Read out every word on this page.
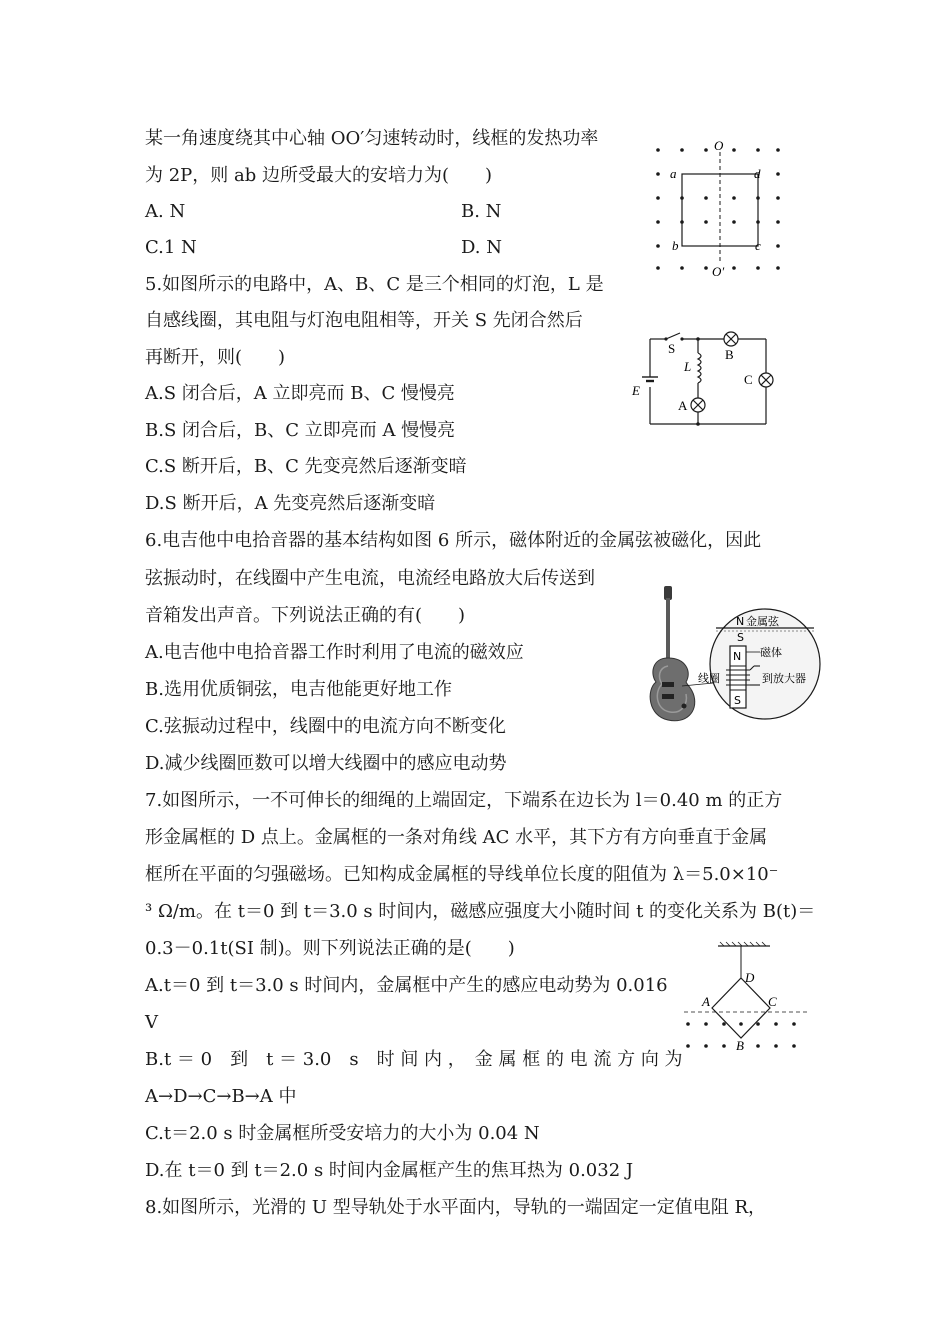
某一角速度绕其中心轴 OO′匀速转动时，线框的发热功率
为 2P，则 ab 边所受最大的安培力为(　　)
A. N	B. N
C.1 N	D. N
O
O′
a	d
b	c
5.如图所示的电路中，A、B、C 是三个相同的灯泡，L 是
自感线圈，其电阻与灯泡电阻相等，开关 S 先闭合然后
再断开，则(　　)
A.S 闭合后，A 立即亮而 B、C 慢慢亮
B.S 闭合后，B、C 立即亮而 A 慢慢亮
C.S 断开后，B、C 先变亮然后逐渐变暗
D.S 断开后，A 先变亮然后逐渐变暗
S	B
L
C
E
A
6.电吉他中电拾音器的基本结构如图 6 所示，磁体附近的金属弦被磁化，因此
弦振动时，在线圈中产生电流，电流经电路放大后传送到
音箱发出声音。下列说法正确的有(　　)
A.电吉他中电拾音器工作时利用了电流的磁效应
B.选用优质铜弦，电吉他能更好地工作
C.弦振动过程中，线圈中的电流方向不断变化
D.减少线圈匝数可以增大线圈中的感应电动势
N 金属弦
S
N
S
磁体
到放大器
线圈
7.如图所示，一不可伸长的细绳的上端固定，下端系在边长为 l＝0.40 m 的正方
形金属框的 D 点上。金属框的一条对角线 AC 水平，其下方有方向垂直于金属
框所在平面的匀强磁场。已知构成金属框的导线单位长度的阻值为 λ＝5.0×10⁻
³ Ω/m。在 t＝0 到 t＝3.0 s 时间内，磁感应强度大小随时间 t 的变化关系为 B(t)＝
0.3－0.1t(SI 制)。则下列说法正确的是(　　)
A.t＝0 到 t＝3.0 s 时间内，金属框中产生的感应电动势为 0.016
V
B.t ＝ 0　到　t ＝ 3.0　s　时 间 内 ，　金 属 框 的 电 流 方 向 为
A→D→C→B→A 中
C.t＝2.0 s 时金属框所受安培力的大小为 0.04 N
D.在 t＝0 到 t＝2.0 s 时间内金属框产生的焦耳热为 0.032 J
D
A	C
B
8.如图所示，光滑的 U 型导轨处于水平面内，导轨的一端固定一定值电阻 R，
